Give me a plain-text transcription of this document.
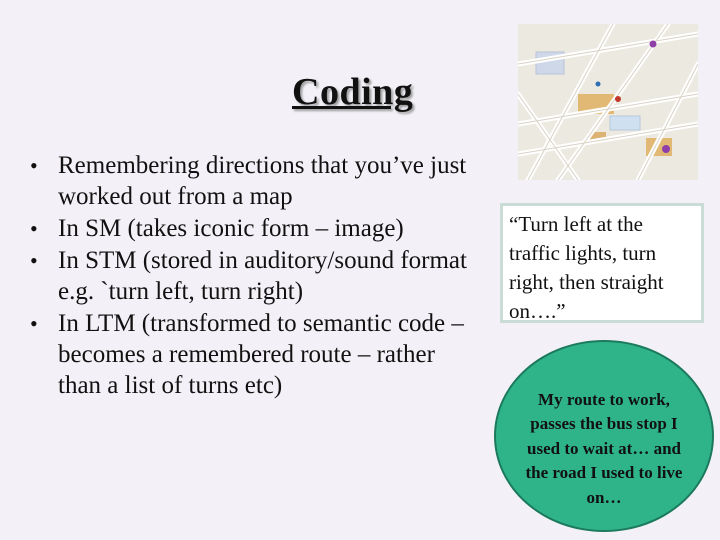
Coding
• Remembering directions that you’ve just worked out from a map
• In SM (takes iconic form – image)
• In STM (stored in auditory/sound format e.g. `turn left, turn right)
• In LTM (transformed to semantic code – becomes a remembered route – rather than a list of turns etc)
“Turn left at the traffic lights, turn right, then straight on….”
My route to work, passes the bus stop I used to wait at… and the road I used to live on…
